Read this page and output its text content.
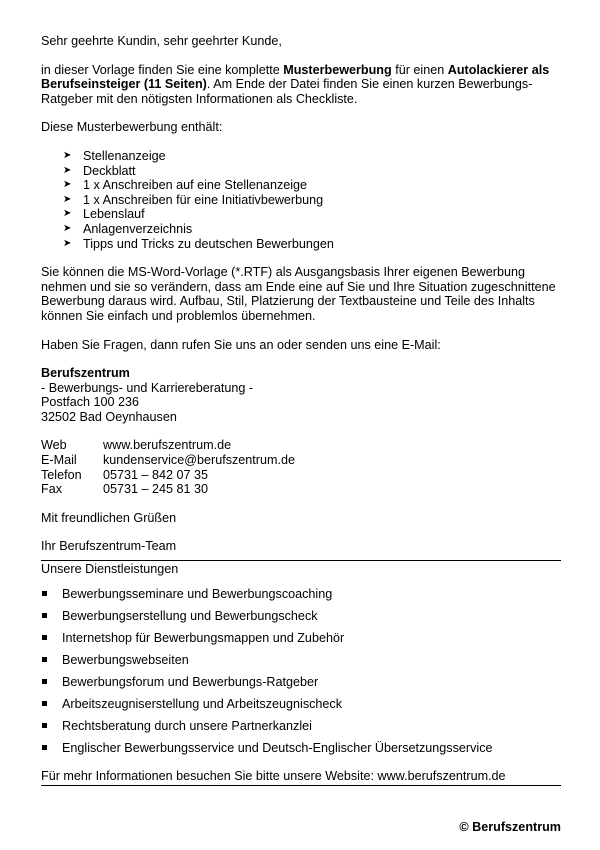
Sehr geehrte Kundin, sehr geehrter Kunde,

in dieser Vorlage finden Sie eine komplette Musterbewerbung für einen Autolackierer als Berufseinsteiger (11 Seiten). Am Ende der Datei finden Sie einen kurzen Bewerbungs-Ratgeber mit den nötigsten Informationen als Checkliste.

Diese Musterbewerbung enthält:

➤ Stellenanzeige
➤ Deckblatt
➤ 1 x Anschreiben auf eine Stellenanzeige
➤ 1 x Anschreiben für eine Initiativbewerbung
➤ Lebenslauf
➤ Anlagenverzeichnis
➤ Tipps und Tricks zu deutschen Bewerbungen

Sie können die MS-Word-Vorlage (*.RTF) als Ausgangsbasis Ihrer eigenen Bewerbung nehmen und sie so verändern, dass am Ende eine auf Sie und Ihre Situation zugeschnittene Bewerbung daraus wird. Aufbau, Stil, Platzierung der Textbausteine und Teile des Inhalts können Sie einfach und problemlos übernehmen.

Haben Sie Fragen, dann rufen Sie uns an oder senden uns eine E-Mail:

Berufszentrum

- Bewerbungs- und Karriereberatung -

Postfach 100 236

32502 Bad Oeynhausen

Web	www.berufszentrum.de
E-Mail	kundenservice@berufszentrum.de
Telefon	05731 – 842 07 35
Fax	05731 – 245 81 30

Mit freundlichen Grüßen

Ihr Berufszentrum-Team

Unsere Dienstleistungen

Bewerbungsseminare und Bewerbungscoaching
Bewerbungserstellung und Bewerbungscheck
Internetshop für Bewerbungsmappen und Zubehör
Bewerbungswebseiten
Bewerbungsforum und Bewerbungs-Ratgeber
Arbeitszeugniserstellung und Arbeitszeugnischeck
Rechtsberatung durch unsere Partnerkanzlei
Englischer Bewerbungsservice und Deutsch-Englischer Übersetzungsservice

Für mehr Informationen besuchen Sie bitte unsere Website: www.berufszentrum.de

© Berufszentrum
